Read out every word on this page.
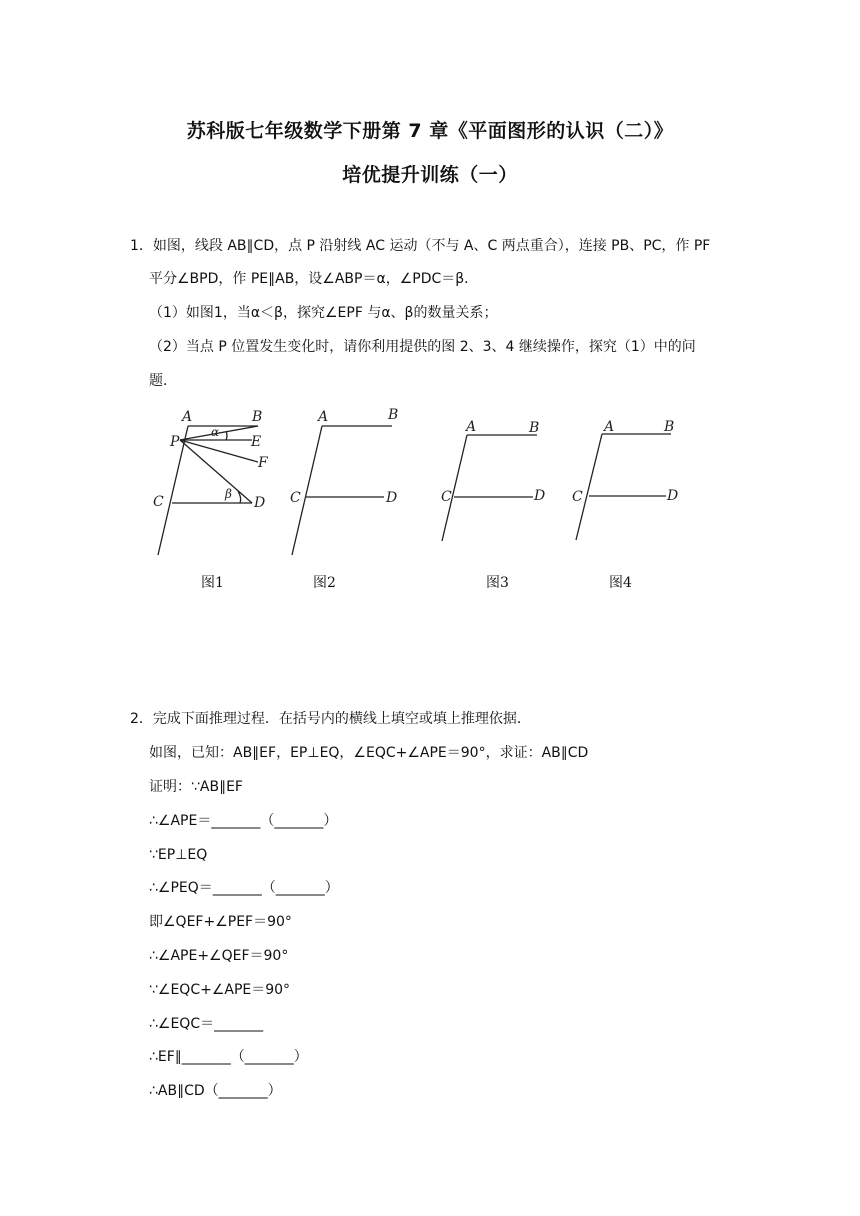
苏科版七年级数学下册第 7 章《平面图形的认识（二）》
培优提升训练（一）
1．如图，线段 AB∥CD，点 P 沿射线 AC 运动（不与 A、C 两点重合），连接 PB、PC，作 PF
平分∠BPD，作 PE∥AB，设∠ABP＝α，∠PDC＝β．
（1）如图1，当α＜β，探究∠EPF 与α、β的数量关系；
（2）当点 P 位置发生变化时，请你利用提供的图 2、3、4 继续操作，探究（1）中的问
题．
A	B
P	E
F
C	D
α
β
A	B
C	D
A	B
C	D
A	B
C	D
图1	图2	图3	图4
2．完成下面推理过程．在括号内的横线上填空或填上推理依据．
如图，已知：AB∥EF，EP⊥EQ，∠EQC+∠APE＝90°，求证：AB∥CD
证明：∵AB∥EF
∴∠APE＝_______（_______）
∵EP⊥EQ
∴∠PEQ＝_______（_______）
即∠QEF+∠PEF＝90°
∴∠APE+∠QEF＝90°
∵∠EQC+∠APE＝90°
∴∠EQC＝_______
∴EF∥_______（_______）
∴AB∥CD（_______）
